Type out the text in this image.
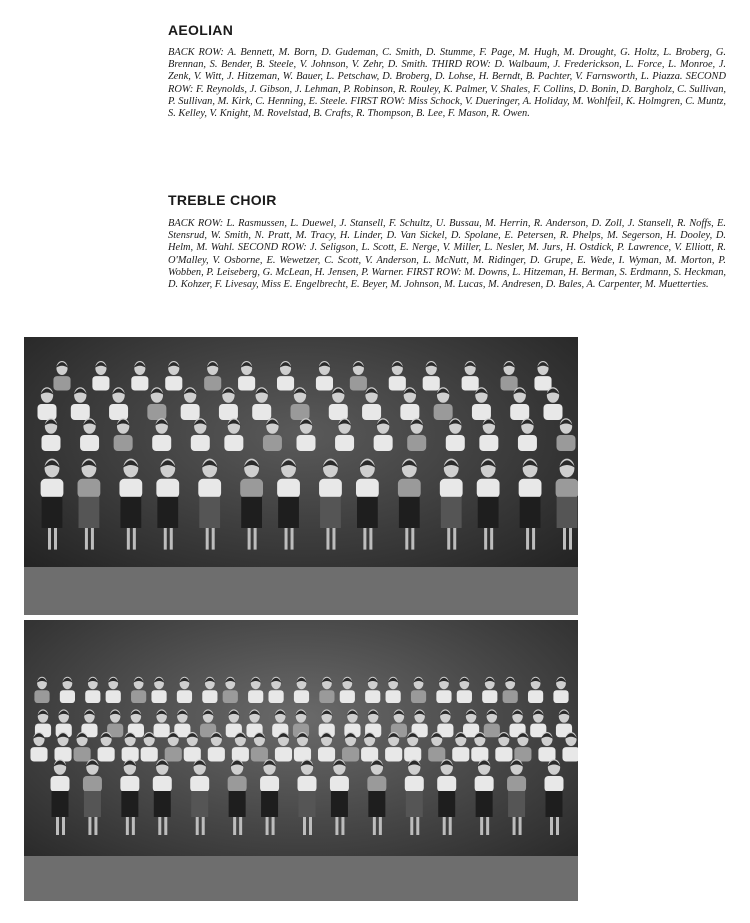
AEOLIAN

BACK ROW: A. Bennett, M. Born, D. Gudeman, C. Smith, D. Stumme, F. Page, M. Hugh, M. Drought, G. Holtz, L. Broberg, G. Brennan, S. Bender, B. Steele, V. Johnson, V. Zehr, D. Smith. THIRD ROW: D. Walbaum, J. Frederickson, L. Force, L. Monroe, J. Zenk, V. Witt, J. Hitzeman, W. Bauer, L. Petschaw, D. Broberg, D. Lohse, H. Berndt, B. Pachter, V. Farnsworth, L. Piazza. SECOND ROW: F. Reynolds, J. Gibson, J. Lehman, P. Robinson, R. Rouley, K. Palmer, V. Shales, F. Collins, D. Bonin, D. Bargholz, C. Sullivan, P. Sullivan, M. Kirk, C. Henning, E. Steele. FIRST ROW: Miss Schock, V. Dueringer, A. Holiday, M. Wohlfeil, K. Holmgren, C. Muntz, S. Kelley, V. Knight, M. Rovelstad, B. Crafts, R. Thompson, B. Lee, F. Mason, R. Owen.

TREBLE CHOIR

BACK ROW: L. Rasmussen, L. Duewel, J. Stansell, F. Schultz, U. Bussau, M. Herrin, R. Anderson, D. Zoll, J. Stansell, R. Noffs, E. Stensrud, W. Smith, N. Pratt, M. Tracy, H. Linder, D. Van Sickel, D. Spolane, E. Petersen, R. Phelps, M. Segerson, H. Dooley, D. Helm, M. Wahl. SECOND ROW: J. Seligson, L. Scott, E. Nerge, V. Miller, L. Nesler, M. Jurs, H. Ostdick, P. Lawrence, V. Elliott, R. O'Malley, V. Osborne, E. Wewetzer, C. Scott, V. Anderson, L. McNutt, M. Ridinger, D. Grupe, E. Wede, I. Wyman, M. Morton, P. Wobben, P. Leiseberg, G. McLean, H. Jensen, P. Warner. FIRST ROW: M. Downs, L. Hitzeman, H. Berman, S. Erdmann, S. Heckman, D. Kohzer, F. Livesay, Miss E. Engelbrecht, E. Beyer, M. Johnson, M. Lucas, M. Andresen, D. Bales, A. Carpenter, M. Muetterties.
